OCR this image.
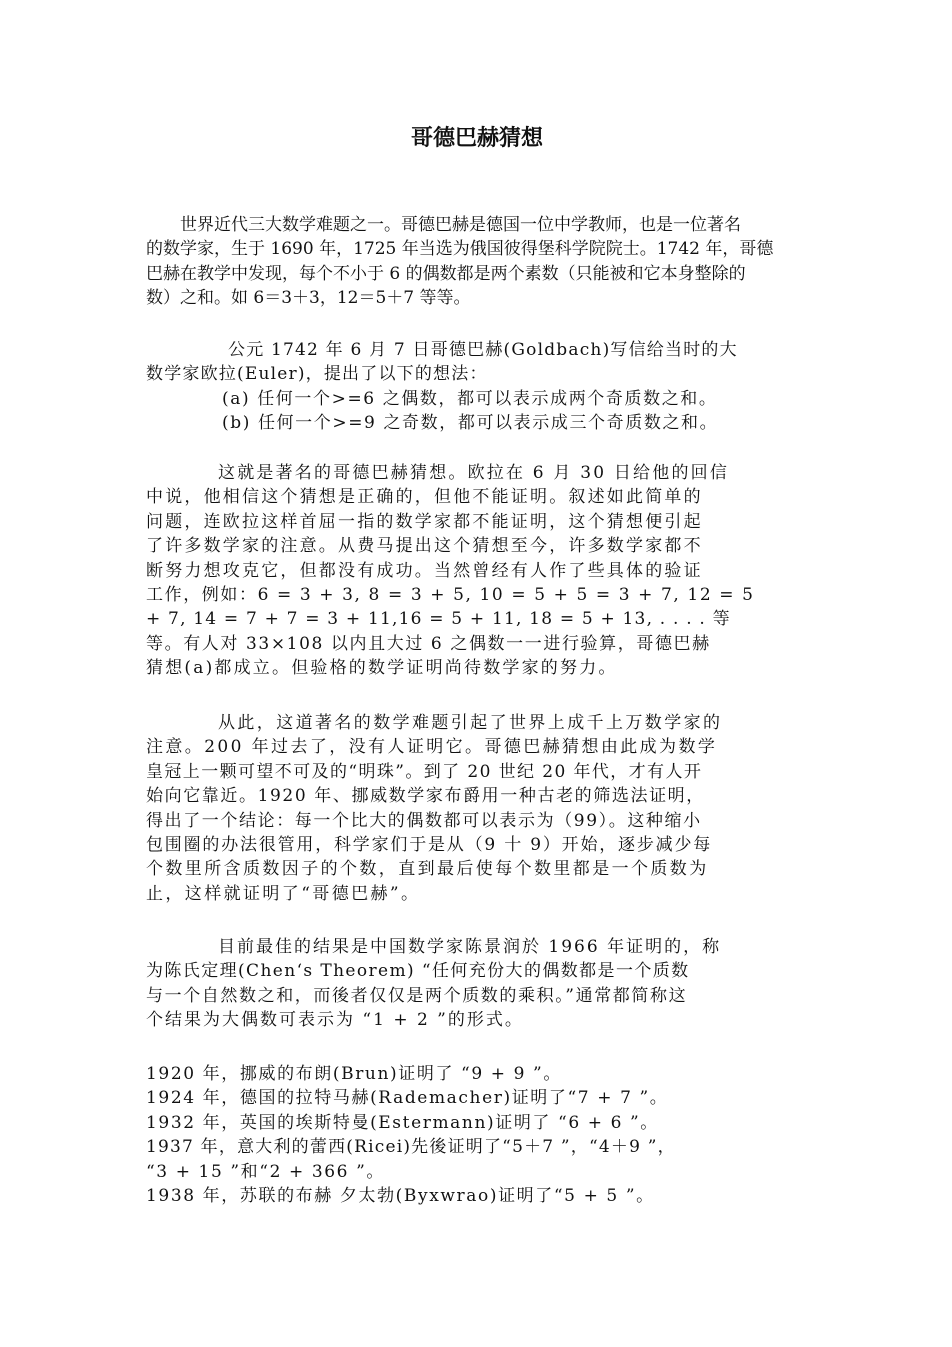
哥德巴赫猜想

世界近代三大数学难题之一。哥德巴赫是德国一位中学教师，也是一位著名
的数学家，生于 1690 年，1725 年当选为俄国彼得堡科学院院士。1742 年，哥德
巴赫在教学中发现，每个不小于 6 的偶数都是两个素数（只能被和它本身整除的
数）之和。如 6＝3＋3，12＝5＋7 等等。

公元 1742 年 6 月 7 日哥德巴赫(Goldbach)写信给当时的大
数学家欧拉(Euler)，提出了以下的想法：
(a) 任何一个>=6 之偶数，都可以表示成两个奇质数之和。
(b) 任何一个>=9 之奇数，都可以表示成三个奇质数之和。

这就是著名的哥德巴赫猜想。欧拉在 6 月 30 日给他的回信
中说，他相信这个猜想是正确的，但他不能证明。叙述如此简单的
问题，连欧拉这样首屈一指的数学家都不能证明，这个猜想便引起
了许多数学家的注意。从费马提出这个猜想至今，许多数学家都不
断努力想攻克它，但都没有成功。当然曾经有人作了些具体的验证
工作，例如：6 = 3 + 3, 8 = 3 + 5, 10 = 5 + 5 = 3 + 7, 12 = 5
+ 7, 14 = 7 + 7 = 3 + 11,16 = 5 + 11, 18 = 5 + 13, . . . . 等
等。有人对 33×108 以内且大过 6 之偶数一一进行验算，哥德巴赫
猜想(a)都成立。但验格的数学证明尚待数学家的努力。

从此，这道著名的数学难题引起了世界上成千上万数学家的
注意。200 年过去了，没有人证明它。哥德巴赫猜想由此成为数学
皇冠上一颗可望不可及的“明珠”。到了 20 世纪 20 年代，才有人开
始向它靠近。1920 年、挪威数学家布爵用一种古老的筛选法证明，
得出了一个结论：每一个比大的偶数都可以表示为（99）。这种缩小
包围圈的办法很管用，科学家们于是从（9 十 9）开始，逐步减少每
个数里所含质数因子的个数，直到最后使每个数里都是一个质数为
止，这样就证明了“哥德巴赫”。

目前最佳的结果是中国数学家陈景润於 1966 年证明的，称
为陈氏定理(Chen‘s Theorem) “任何充份大的偶数都是一个质数
与一个自然数之和，而後者仅仅是两个质数的乘积。”通常都简称这
个结果为大偶数可表示为 “1 + 2 ”的形式。

1920 年，挪威的布朗(Brun)证明了 “9 + 9 ”。
1924 年，德国的拉特马赫(Rademacher)证明了“7 + 7 ”。
1932 年，英国的埃斯特曼(Estermann)证明了 “6 + 6 ”。
1937 年，意大利的蕾西(Ricei)先後证明了“5＋7 ”，“4＋9 ”，
“3 + 15 ”和“2 + 366 ”。
1938 年，苏联的布赫 夕太勃(Byxwrao)证明了“5 + 5 ”。
